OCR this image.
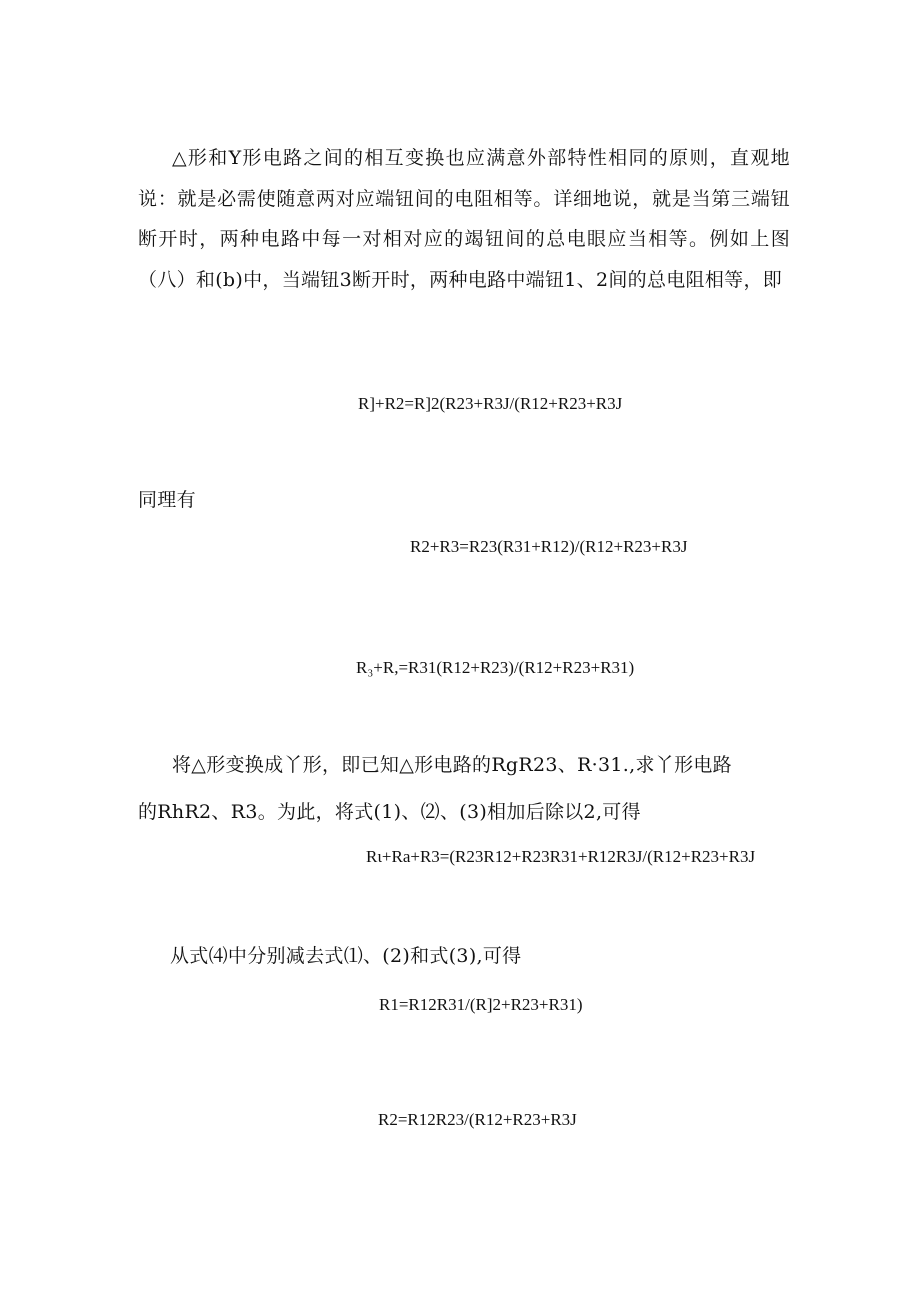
△形和Y形电路之间的相互变换也应满意外部特性相同的原则，直观地说：就是必需使随意两对应端钮间的电阻相等。详细地说，就是当第三端钮断开时，两种电路中每一对相对应的竭钮间的总电眼应当相等。例如上图（八）和(b)中，当端钮3断开时，两种电路中端钮1、2间的总电阻相等，即

R]+R2=R]2(R23+R3J/(R12+R23+R3J
同理有
R2+R3=R23(R31+R12)/(R12+R23+R3J
R₃+R,=R31(R12+R23)/(R12+R23+R31)
将△形变换成丫形，即已知△形电路的RgR23、R·31.,求丫形电路
的RhR2、R3。为此，将式(1)、⑵、(3)相加后除以2,可得
Rι+Ra+R3=(R23R12+R23R31+R12R3J/(R12+R23+R3J
从式⑷中分别减去式⑴、(2)和式(3),可得
R1=R12R31/(R]2+R23+R31)
R2=R12R23/(R12+R23+R3J
